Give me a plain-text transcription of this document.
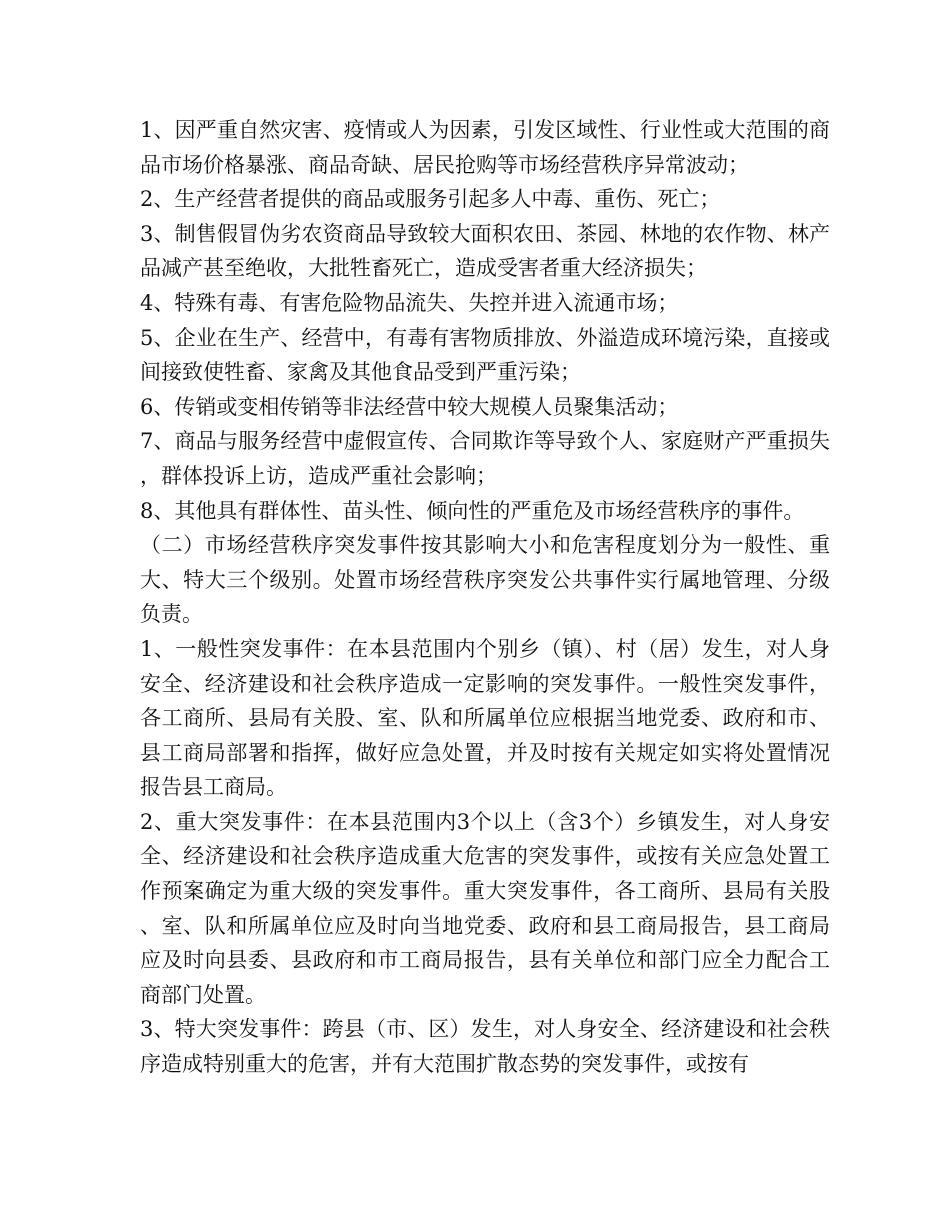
1、因严重自然灾害、疫情或人为因素，引发区域性、行业性或大范围的商品市场价格暴涨、商品奇缺、居民抢购等市场经营秩序异常波动；

2、生产经营者提供的商品或服务引起多人中毒、重伤、死亡；

3、制售假冒伪劣农资商品导致较大面积农田、茶园、林地的农作物、林产品减产甚至绝收，大批牲畜死亡，造成受害者重大经济损失；

4、特殊有毒、有害危险物品流失、失控并进入流通市场；

5、企业在生产、经营中，有毒有害物质排放、外溢造成环境污染，直接或间接致使牲畜、家禽及其他食品受到严重污染；

6、传销或变相传销等非法经营中较大规模人员聚集活动；

7、商品与服务经营中虚假宣传、合同欺诈等导致个人、家庭财产严重损失，群体投诉上访，造成严重社会影响；

8、其他具有群体性、苗头性、倾向性的严重危及市场经营秩序的事件。

（二）市场经营秩序突发事件按其影响大小和危害程度划分为一般性、重大、特大三个级别。处置市场经营秩序突发公共事件实行属地管理、分级负责。

1、一般性突发事件：在本县范围内个别乡（镇）、村（居）发生，对人身安全、经济建设和社会秩序造成一定影响的突发事件。一般性突发事件，各工商所、县局有关股、室、队和所属单位应根据当地党委、政府和市、县工商局部署和指挥，做好应急处置，并及时按有关规定如实将处置情况报告县工商局。

2、重大突发事件：在本县范围内3个以上（含3个）乡镇发生，对人身安全、经济建设和社会秩序造成重大危害的突发事件，或按有关应急处置工作预案确定为重大级的突发事件。重大突发事件，各工商所、县局有关股、室、队和所属单位应及时向当地党委、政府和县工商局报告，县工商局应及时向县委、县政府和市工商局报告，县有关单位和部门应全力配合工商部门处置。

3、特大突发事件：跨县（市、区）发生，对人身安全、经济建设和社会秩序造成特别重大的危害，并有大范围扩散态势的突发事件，或按有
